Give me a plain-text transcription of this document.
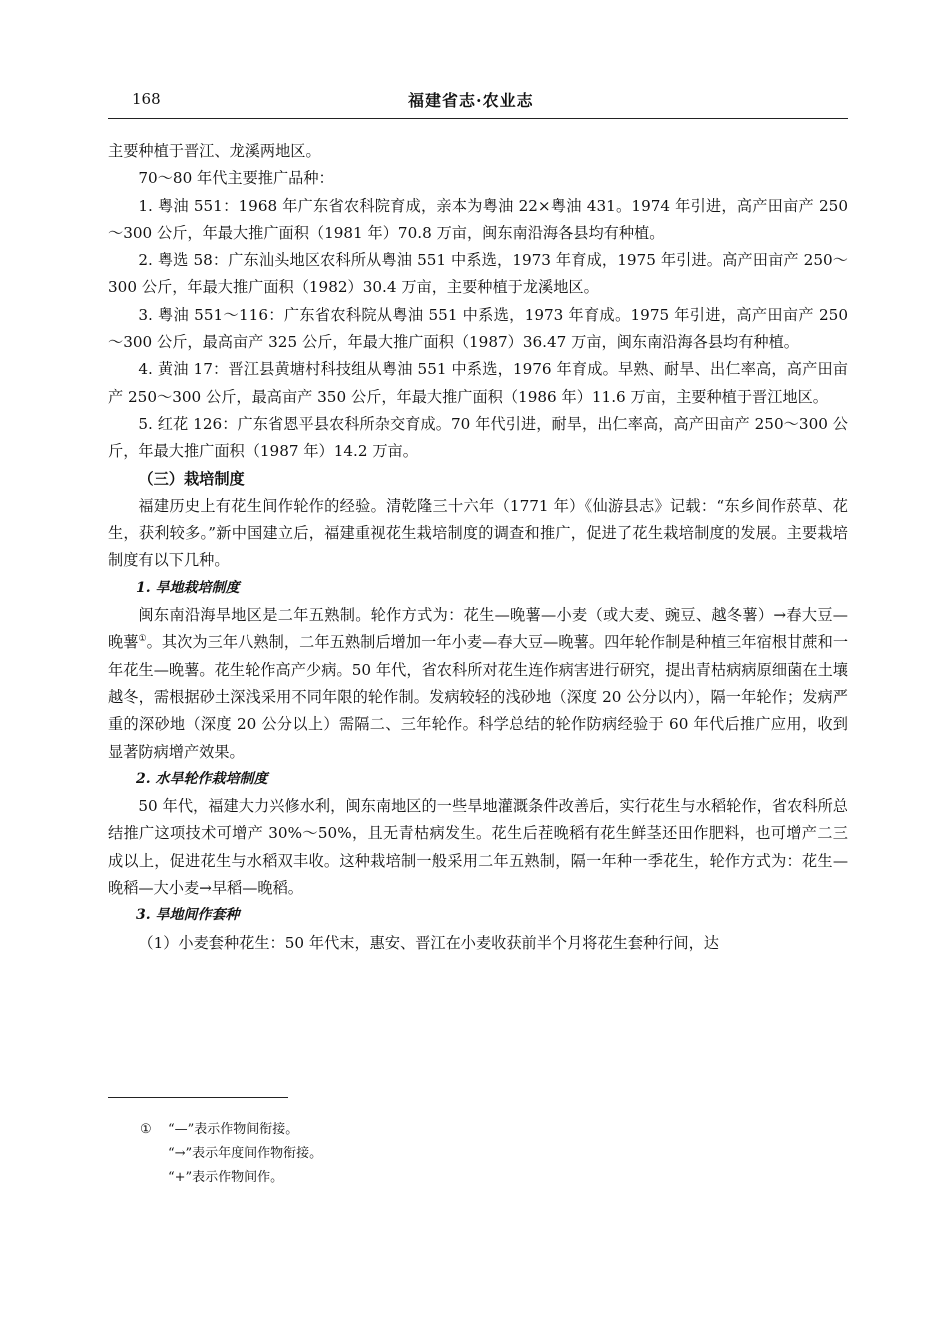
168	福建省志·农业志

主要种植于晋江、龙溪两地区。

70～80 年代主要推广品种：

1. 粤油 551：1968 年广东省农科院育成，亲本为粤油 22×粤油 431。1974 年引进，高产田亩产 250～300 公斤，年最大推广面积（1981 年）70.8 万亩，闽东南沿海各县均有种植。

2. 粤选 58：广东汕头地区农科所从粤油 551 中系选，1973 年育成，1975 年引进。高产田亩产 250～300 公斤，年最大推广面积（1982）30.4 万亩，主要种植于龙溪地区。

3. 粤油 551～116：广东省农科院从粤油 551 中系选，1973 年育成。1975 年引进，高产田亩产 250～300 公斤，最高亩产 325 公斤，年最大推广面积（1987）36.47 万亩，闽东南沿海各县均有种植。

4. 黄油 17：晋江县黄塘村科技组从粤油 551 中系选，1976 年育成。早熟、耐旱、出仁率高，高产田亩产 250～300 公斤，最高亩产 350 公斤，年最大推广面积（1986 年）11.6 万亩，主要种植于晋江地区。

5. 红花 126：广东省恩平县农科所杂交育成。70 年代引进，耐旱，出仁率高，高产田亩产 250～300 公斤，年最大推广面积（1987 年）14.2 万亩。

（三）栽培制度

福建历史上有花生间作轮作的经验。清乾隆三十六年（1771 年）《仙游县志》记载：“东乡间作菸草、花生，获利较多。”新中国建立后，福建重视花生栽培制度的调查和推广，促进了花生栽培制度的发展。主要栽培制度有以下几种。

1. 旱地栽培制度

闽东南沿海旱地区是二年五熟制。轮作方式为：花生—晚薯—小麦（或大麦、豌豆、越冬薯）→春大豆—晚薯①。其次为三年八熟制，二年五熟制后增加一年小麦—春大豆—晚薯。四年轮作制是种植三年宿根甘蔗和一年花生—晚薯。花生轮作高产少病。50 年代，省农科所对花生连作病害进行研究，提出青枯病病原细菌在土壤越冬，需根据砂土深浅采用不同年限的轮作制。发病较轻的浅砂地（深度 20 公分以内），隔一年轮作；发病严重的深砂地（深度 20 公分以上）需隔二、三年轮作。科学总结的轮作防病经验于 60 年代后推广应用，收到显著防病增产效果。

2. 水旱轮作栽培制度

50 年代，福建大力兴修水利，闽东南地区的一些旱地灌溉条件改善后，实行花生与水稻轮作，省农科所总结推广这项技术可增产 30%～50%，且无青枯病发生。花生后茬晚稻有花生鲜茎还田作肥料，也可增产二三成以上，促进花生与水稻双丰收。这种栽培制一般采用二年五熟制，隔一年种一季花生，轮作方式为：花生—晚稻—大小麦→早稻—晚稻。

3. 旱地间作套种

（1）小麦套种花生：50 年代末，惠安、晋江在小麦收获前半个月将花生套种行间，达

① “—”表示作物间衔接。
“→”表示年度间作物衔接。
“+”表示作物间作。
